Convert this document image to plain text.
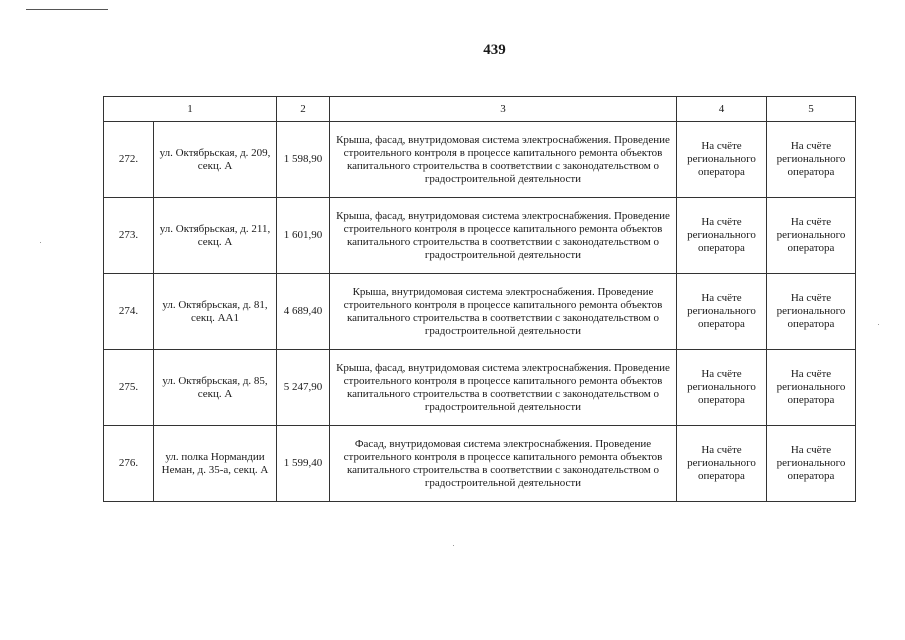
439
1		2	3	4	5
272.	ул. Октябрьская, д. 209, секц. А	1 598,90	Крыша, фасад, внутридомовая система электроснабжения. Проведение строительного контроля в процессе капитального ремонта объектов капитального строительства в соответствии с законодательством о градостроительной деятельности	На счёте регионального оператора	На счёте регионального оператора
273.	ул. Октябрьская, д. 211, секц. А	1 601,90	Крыша, фасад, внутридомовая система электроснабжения. Проведение строительного контроля в процессе капитального ремонта объектов капитального строительства в соответствии с законодательством о градостроительной деятельности	На счёте регионального оператора	На счёте регионального оператора
274.	ул. Октябрьская, д. 81, секц. АА1	4 689,40	Крыша, внутридомовая система электроснабжения. Проведение строительного контроля в процессе капитального ремонта объектов капитального строительства в соответствии с законодательством о градостроительной деятельности	На счёте регионального оператора	На счёте регионального оператора
275.	ул. Октябрьская, д. 85, секц. А	5 247,90	Крыша, фасад, внутридомовая система электроснабжения. Проведение строительного контроля в процессе капитального ремонта объектов капитального строительства в соответствии с законодательством о градостроительной деятельности	На счёте регионального оператора	На счёте регионального оператора
276.	ул. полка Нормандии Неман, д. 35-а, секц. А	1 599,40	Фасад, внутридомовая система электроснабжения. Проведение строительного контроля в процессе капитального ремонта объектов капитального строительства в соответствии с законодательством о градостроительной деятельности	На счёте регионального оператора	На счёте регионального оператора
